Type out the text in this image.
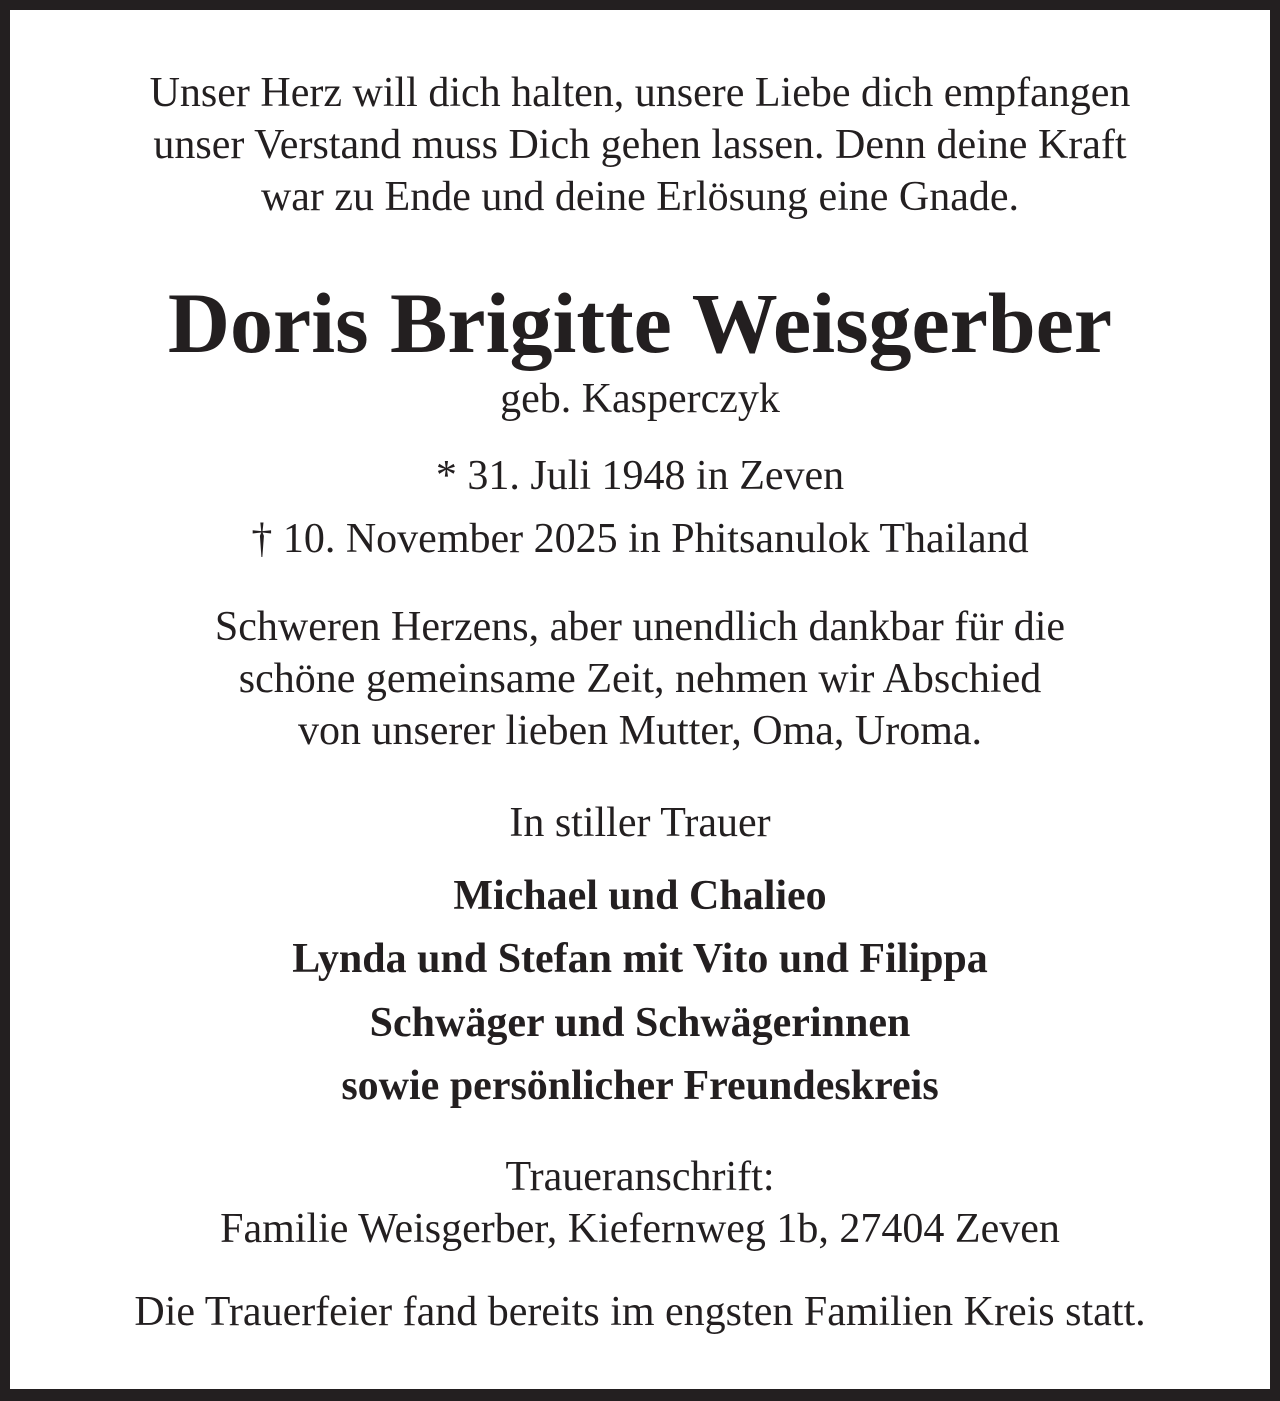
Unser Herz will dich halten, unsere Liebe dich empfangen
unser Verstand muss Dich gehen lassen. Denn deine Kraft
war zu Ende und deine Erlösung eine Gnade.
Doris Brigitte Weisgerber
geb. Kasperczyk
* 31. Juli 1948 in Zeven
† 10. November 2025 in Phitsanulok Thailand
Schweren Herzens, aber unendlich dankbar für die
schöne gemeinsame Zeit, nehmen wir Abschied
von unserer lieben Mutter, Oma, Uroma.
In stiller Trauer
Michael und Chalieo
Lynda und Stefan mit Vito und Filippa
Schwäger und Schwägerinnen
sowie persönlicher Freundeskreis
Traueranschrift:
Familie Weisgerber, Kiefernweg 1b, 27404 Zeven
Die Trauerfeier fand bereits im engsten Familien Kreis statt.
